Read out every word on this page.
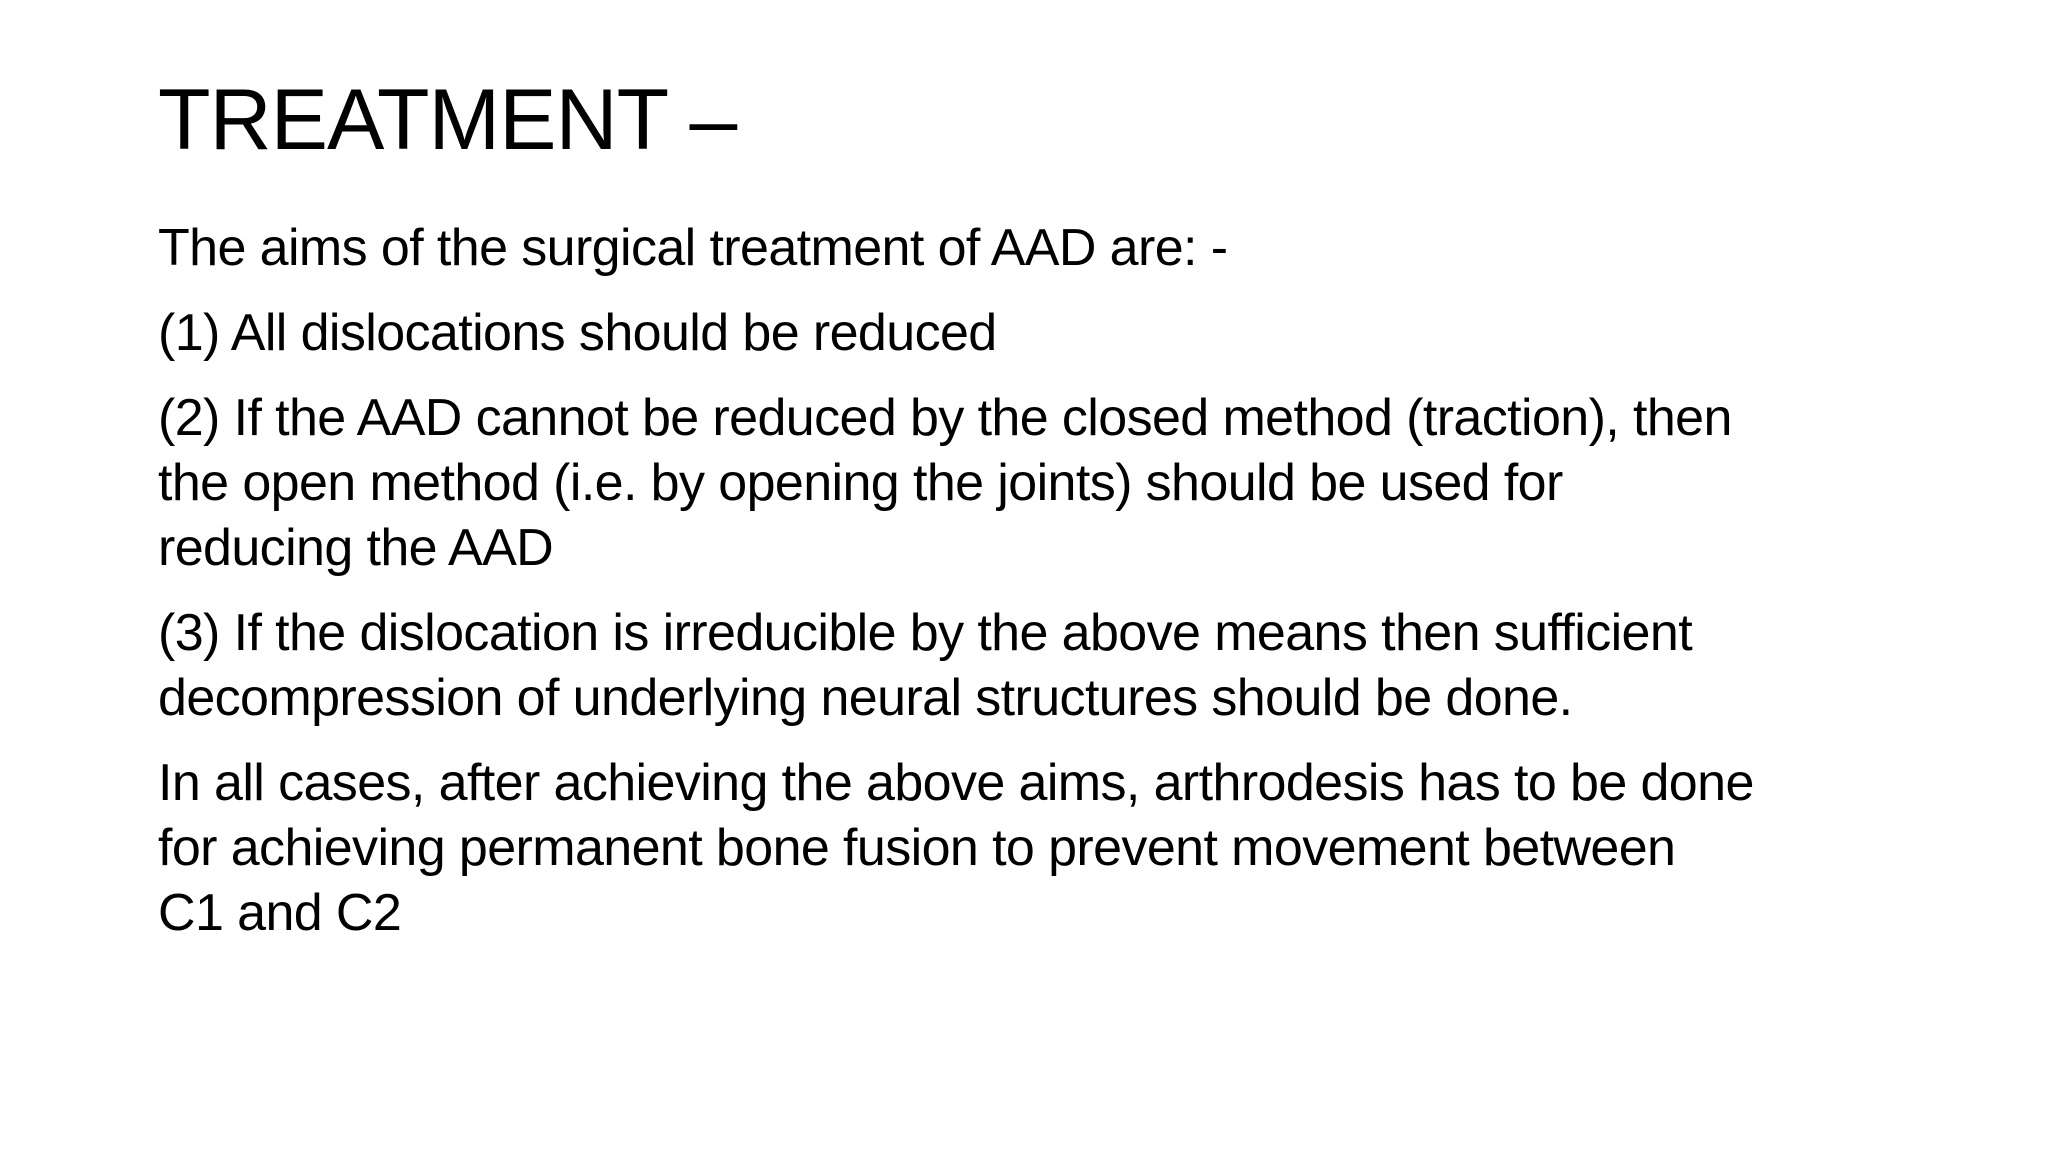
TREATMENT –

The aims of the surgical treatment of AAD are: -

(1) All dislocations should be reduced

(2) If the AAD cannot be reduced by the closed method (traction), then
the open method (i.e. by opening the joints) should be used for
reducing the AAD

(3) If the dislocation is irreducible by the above means then sufficient
decompression of underlying neural structures should be done.

In all cases, after achieving the above aims, arthrodesis has to be done
for achieving permanent bone fusion to prevent movement between
C1 and C2
